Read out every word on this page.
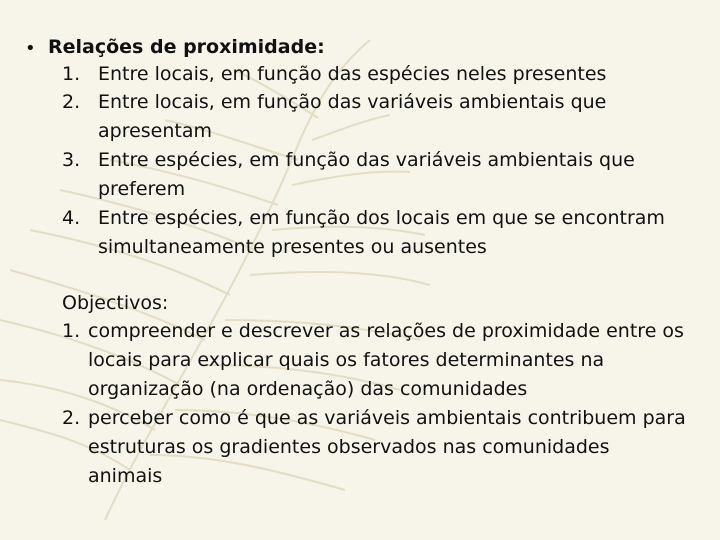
• Relações de proximidade:
1. Entre locais, em função das espécies neles presentes
2. Entre locais, em função das variáveis ambientais que
apresentam
3. Entre espécies, em função das variáveis ambientais que
preferem
4. Entre espécies, em função dos locais em que se encontram
simultaneamente presentes ou ausentes
Objectivos:
1. compreender e descrever as relações de proximidade entre os
locais para explicar quais os fatores determinantes na
organização (na ordenação) das comunidades
2. perceber como é que as variáveis ambientais contribuem para
estruturas os gradientes observados nas comunidades
animais
